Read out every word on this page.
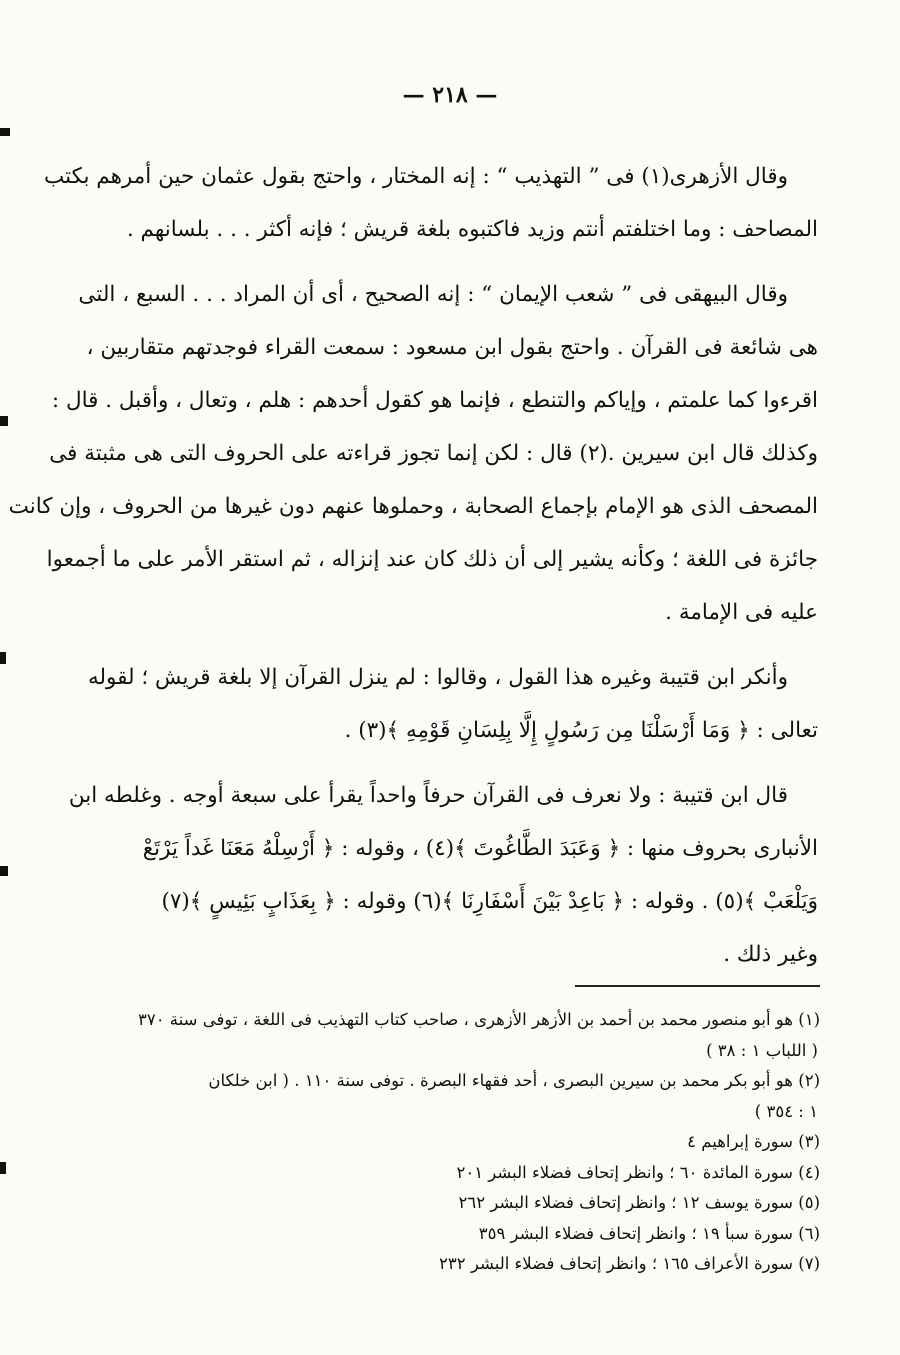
— ٢١٨ —
وقال الأزهرى(١) فى ” التهذيب “ : إنه المختار ، واحتج بقول عثمان حين أمرهم بكتب
المصاحف : وما اختلفتم أنتم وزيد فاكتبوه بلغة قريش ؛ فإنه أكثر . . . بلسانهم .
وقال البيهقى فى ” شعب الإيمان “ : إنه الصحيح ، أى أن المراد . . . السبع ، التى
هى شائعة فى القرآن . واحتج بقول ابن مسعود : سمعت القراء فوجدتهم متقاربين ،
اقرءوا كما علمتم ، وإياكم والتنطع ، فإنما هو كقول أحدهم : هلم ، وتعال ، وأقبل . قال :
وكذلك قال ابن سيرين .(٢) قال : لكن إنما تجوز قراءته على الحروف التى هى مثبتة فى
المصحف الذى هو الإمام بإجماع الصحابة ، وحملوها عنهم دون غيرها من الحروف ، وإن كانت
جائزة فى اللغة ؛ وكأنه يشير إلى أن ذلك كان عند إنزاله ، ثم استقر الأمر على ما أجمعوا
عليه فى الإمامة .
وأنكر ابن قتيبة وغيره هذا القول ، وقالوا : لم ينزل القرآن إلا بلغة قريش ؛ لقوله
تعالى : ﴿ وَمَا أَرْسَلْنَا مِن رَسُولٍ إِلَّا بِلِسَانِ قَوْمِهِ ﴾(٣) .
قال ابن قتيبة : ولا نعرف فى القرآن حرفاً واحداً يقرأ على سبعة أوجه . وغلطه ابن
الأنبارى بحروف منها : ﴿ وَعَبَدَ الطَّاغُوتَ ﴾(٤) ، وقوله : ﴿ أَرْسِلْهُ مَعَنَا غَداً يَرْتَعْ
وَيَلْعَبْ ﴾(٥) . وقوله : ﴿ بَاعِدْ بَيْنَ أَسْفَارِنَا ﴾(٦) وقوله : ﴿ بِعَذَابٍ بَئِيسٍ ﴾(٧)
وغير ذلك .
(١) هو أبو منصور محمد بن أحمد بن الأزهر الأزهرى ، صاحب كتاب التهذيب فى اللغة ، توفى سنة ٣٧٠
( اللباب ١ : ٣٨ )
(٢) هو أبو بكر محمد بن سيرين البصرى ، أحد فقهاء البصرة . توفى سنة ١١٠ . ( ابن خلكان
١ : ٣٥٤ )
(٣) سورة إبراهيم ٤
(٤) سورة المائدة ٦٠ ؛ وانظر إتحاف فضلاء البشر ٢٠١
(٥) سورة يوسف ١٢ ؛ وانظر إتحاف فضلاء البشر ٢٦٢
(٦) سورة سبأ ١٩ ؛ وانظر إتحاف فضلاء البشر ٣٥٩
(٧) سورة الأعراف ١٦٥ ؛ وانظر إتحاف فضلاء البشر ٢٣٢
